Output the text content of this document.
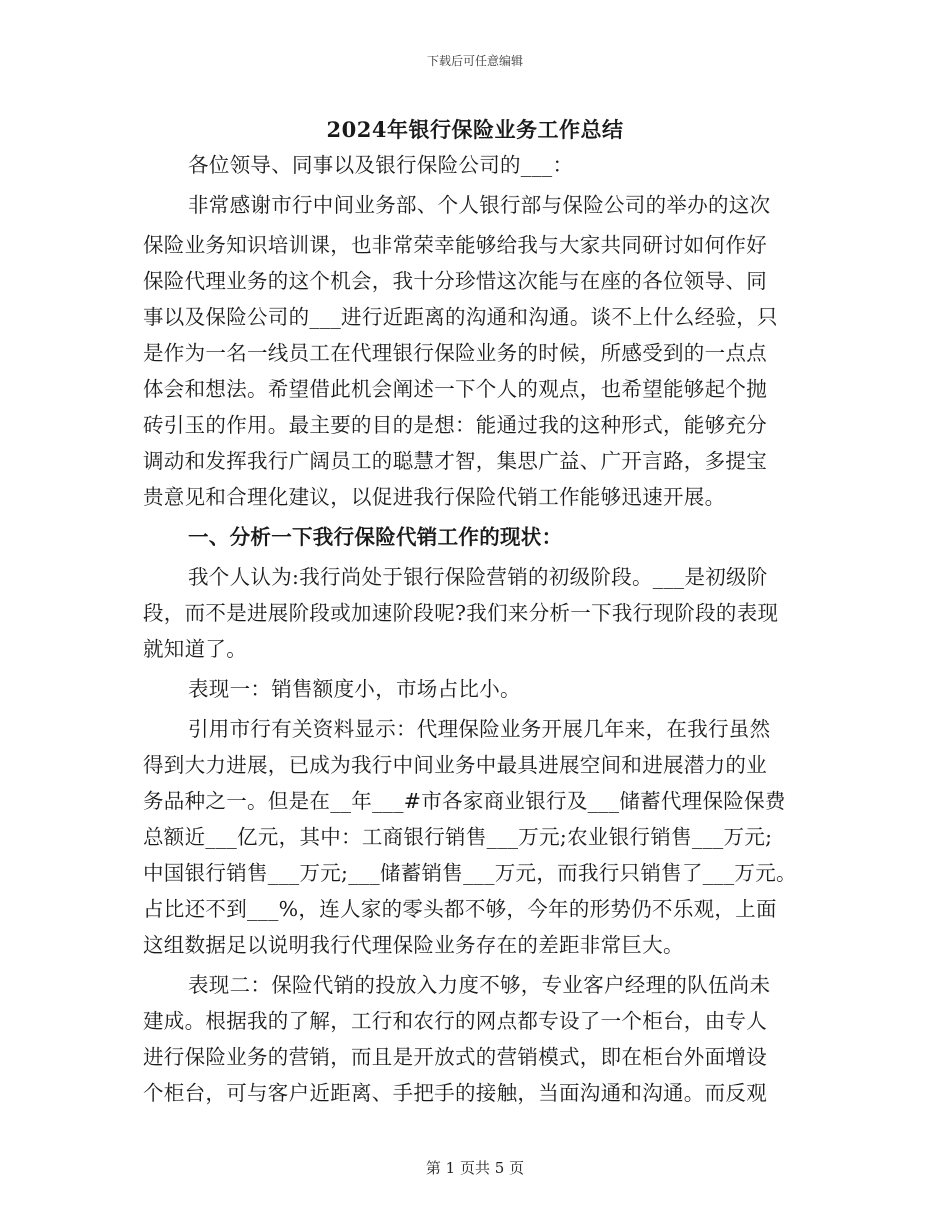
下载后可任意编辑
2024年银行保险业务工作总结
各位领导、同事以及银行保险公司的___：
非常感谢市行中间业务部、个人银行部与保险公司的举办的这次
保险业务知识培训课，也非常荣幸能够给我与大家共同研讨如何作好
保险代理业务的这个机会，我十分珍惜这次能与在座的各位领导、同
事以及保险公司的___进行近距离的沟通和沟通。谈不上什么经验，只
是作为一名一线员工在代理银行保险业务的时候，所感受到的一点点
体会和想法。希望借此机会阐述一下个人的观点，也希望能够起个抛
砖引玉的作用。最主要的目的是想：能通过我的这种形式，能够充分
调动和发挥我行广阔员工的聪慧才智，集思广益、广开言路，多提宝
贵意见和合理化建议，以促进我行保险代销工作能够迅速开展。
一、分析一下我行保险代销工作的现状：
我个人认为:我行尚处于银行保险营销的初级阶段。___是初级阶
段，而不是进展阶段或加速阶段呢?我们来分析一下我行现阶段的表现
就知道了。
表现一：销售额度小，市场占比小。
引用市行有关资料显示：代理保险业务开展几年来，在我行虽然
得到大力进展，已成为我行中间业务中最具进展空间和进展潜力的业
务品种之一。但是在__年___#市各家商业银行及___储蓄代理保险保费
总额近___亿元，其中：工商银行销售___万元;农业银行销售___万元;
中国银行销售___万元;___储蓄销售___万元，而我行只销售了___万元。
占比还不到___%，连人家的零头都不够，今年的形势仍不乐观，上面
这组数据足以说明我行代理保险业务存在的差距非常巨大。
表现二：保险代销的投放入力度不够，专业客户经理的队伍尚未
建成。根据我的了解，工行和农行的网点都专设了一个柜台，由专人
进行保险业务的营销，而且是开放式的营销模式，即在柜台外面增设
个柜台，可与客户近距离、手把手的接触，当面沟通和沟通。而反观
第 1 页共 5 页
